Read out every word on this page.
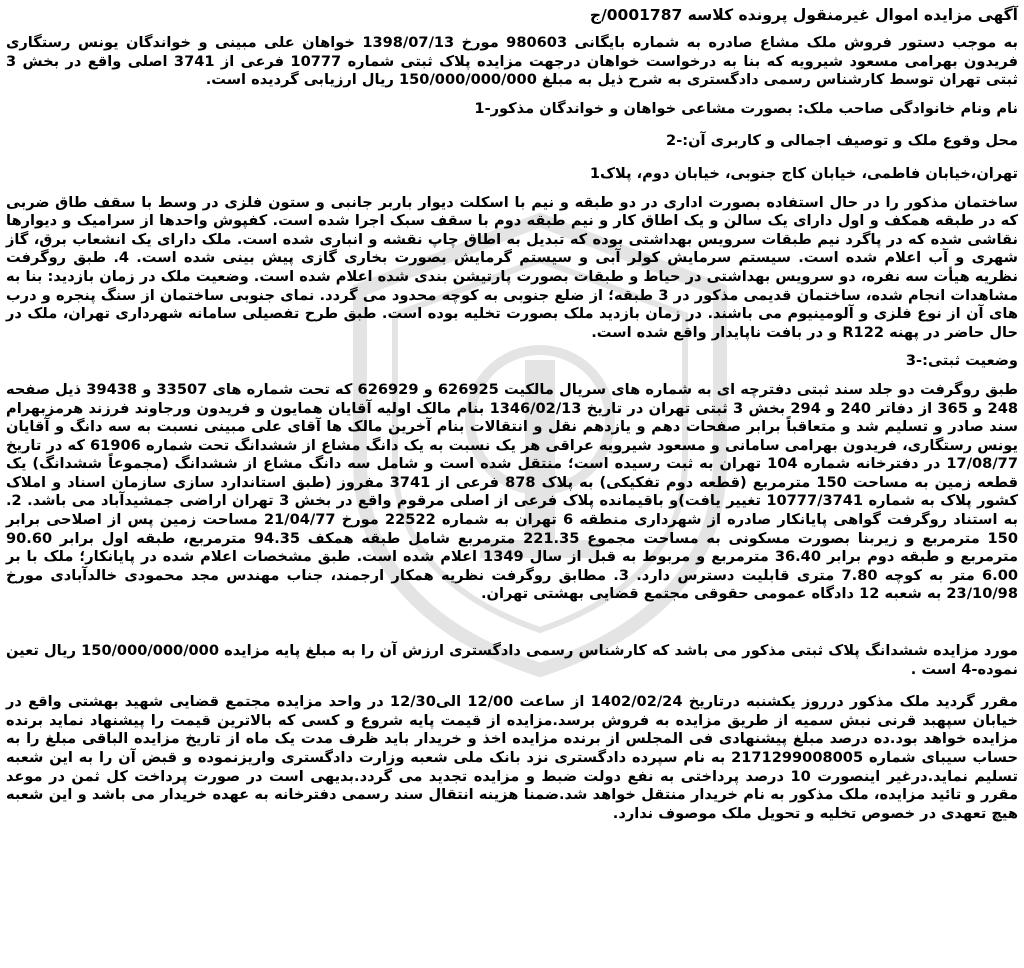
آگهی مزایده اموال غیرمنقول پرونده کلاسه 0001787/ج

به موجب دستور فروش ملک مشاع صادره به شماره بایگانی 980603 مورخ 1398/07/13 خواهان علی مبینی و خواندگان یونس رستگاری فریدون بهرامی مسعود شیرویه که بنا به درخواست خواهان درجهت مزایده پلاک ثبتی شماره 10777 فرعی از 3741 اصلی واقع در بخش 3 ثبتی تهران توسط کارشناس رسمی دادگستری به شرح ذیل به مبلغ 150/000/000/000 ریال ارزیابی گردیده است.

نام ونام خانوادگی صاحب ملک: بصورت مشاعی خواهان و خواندگان مذکور-1

محل وقوع ملک و توصیف اجمالی و کاربری آن:-2

تهران،خیابان فاطمی، خیابان کاج جنوبی، خیابان دوم، پلاک1

ساختمان مذکور را در حال استفاده بصورت اداری در دو طبقه و نیم با اسکلت دیوار باربر جانبی و ستون فلزی در وسط با سقف طاق ضربی که در طبقه همکف و اول دارای یک سالن و یک اطاق کار و نیم طبقه دوم با سقف سبک اجرا شده است. کفپوش واحدها از سرامیک و دیوارها نقاشی شده که در پاگرد نیم طبقات سرویس بهداشتی بوده که تبدیل به اطاق چاپ نقشه و انباری شده است. ملک دارای یک انشعاب برق، گاز شهری و آب اعلام شده است. سیستم سرمایش کولر آبی و سیستم گرمایش بصورت بخاری گازی پیش بینی شده است. 4. طبق روگرفت نظریه هیأت سه نفره، دو سرویس بهداشتی در حیاط و طبقات بصورت پارتیشن بندی شده اعلام شده است. وضعیت ملک در زمان بازدید: بنا به مشاهدات انجام شده، ساختمان قدیمی مذکور در 3 طبقه؛ از ضلع جنوبی به کوچه محدود می گردد. نمای جنوبی ساختمان از سنگ پنجره و درب های آن از نوع فلزی و آلومینیوم می باشند. در زمان بازدید ملک بصورت تخلیه بوده است. طبق طرح تفصیلی سامانه شهرداری تهران، ملک در حال حاضر در پهنه R122 و در بافت ناپایدار واقع شده است.

وضعیت ثبتی:-3

طبق روگرفت دو جلد سند ثبتی دفترچه ای به شماره های سریال مالکیت 626925 و 626929 که تحت شماره های 33507 و 39438 ذیل صفحه 248 و 365 از دفاتر 240 و 294 بخش 3 ثبتی تهران در تاریخ 1346/02/13 بنام مالک اولیه آقایان همایون و فریدون ورجاوند فرزند هرمزبهرام سند صادر و تسلیم شد و متعاقباً برابر صفحات دهم و یازدهم نقل و انتقالات بنام آخرین مالک ها آقای علی مبینی نسبت به سه دانگ و آقایان یونس رستگاری، فریدون بهرامی سامانی و مسعود شیرویه عراقی هر یک نسبت به یک دانگ مشاع از ششدانگ تحت شماره 61906 که در تاریخ 17/08/77 در دفترخانه شماره 104 تهران به ثبت رسیده است؛ منتقل شده است و شامل سه دانگ مشاع از ششدانگ (مجموعاً ششدانگ) یک قطعه زمین به مساحت 150 مترمربع (قطعه دوم تفکیکی) به پلاک 878 فرعی از 3741 مفروز (طبق استاندارد سازی سازمان اسناد و املاک کشور پلاک به شماره 10777/3741 تغییر یافت)و باقیمانده پلاک فرعی از اصلی مرقوم واقع در بخش 3 تهران اراضی جمشیدآباد می باشد. 2. به استناد روگرفت گواهی پایانکار صادره از شهرداری منطقه 6 تهران به شماره 22522 مورخ 21/04/77 مساحت زمین پس از اصلاحی برابر 150 مترمربع و زیربنا بصورت مسکونی به مساحت مجموع 221.35 مترمربع شامل طبقه همکف 94.35 مترمربع، طبقه اول برابر 90.60 مترمربع و طبقه دوم برابر 36.40 مترمربع و مربوط به قبل از سال 1349 اعلام شده است. طبق مشخصات اعلام شده در پایانکار؛ ملک با بر 6.00 متر به کوچه 7.80 متری قابلیت دسترس دارد. 3. مطابق روگرفت نظریه همکار ارجمند، جناب مهندس مجد محمودی خالدآبادی مورخ 23/10/98 به شعبه 12 دادگاه عمومی حقوقی مجتمع قضایی بهشتی تهران.

مورد مزایده ششدانگ پلاک ثبتی مذکور می باشد که کارشناس رسمی دادگستری ارزش آن را به مبلغ پایه مزایده 150/000/000/000 ریال تعین نموده-4 است .

مقرر گردید ملک مذکور درروز یکشنبه درتاریخ 1402/02/24 از ساعت 12/00 الی12/30 در واحد مزایده مجتمع قضایی شهید بهشتی واقع در خیابان سپهبد قرنی نبش سمیه از طریق مزایده به فروش برسد.مزایده از قیمت پایه شروع و کسی که بالاترین قیمت را پیشنهاد نماید برنده مزایده خواهد بود.ده درصد مبلغ پیشنهادی فی المجلس از برنده مزایده اخذ و خریدار باید ظرف مدت یک ماه از تاریخ مزایده الباقی مبلغ را به حساب سیبای شماره 2171299008005 به نام سپرده دادگستری نزد بانک ملی شعبه وزارت دادگستری واریزنموده و قبض آن را به این شعبه تسلیم نماید.درغیر اینصورت 10 درصد پرداختی به نفع دولت ضبط و مزایده تجدید می گردد.بدیهی است در صورت پرداخت کل ثمن در موعد مقرر و تائید مزایده، ملک مذکور به نام خریدار منتقل خواهد شد.ضمنا هزینه انتقال سند رسمی دفترخانه به عهده خریدار می باشد و این شعبه هیچ تعهدی در خصوص تخلیه و تحویل ملک موصوف ندارد.
